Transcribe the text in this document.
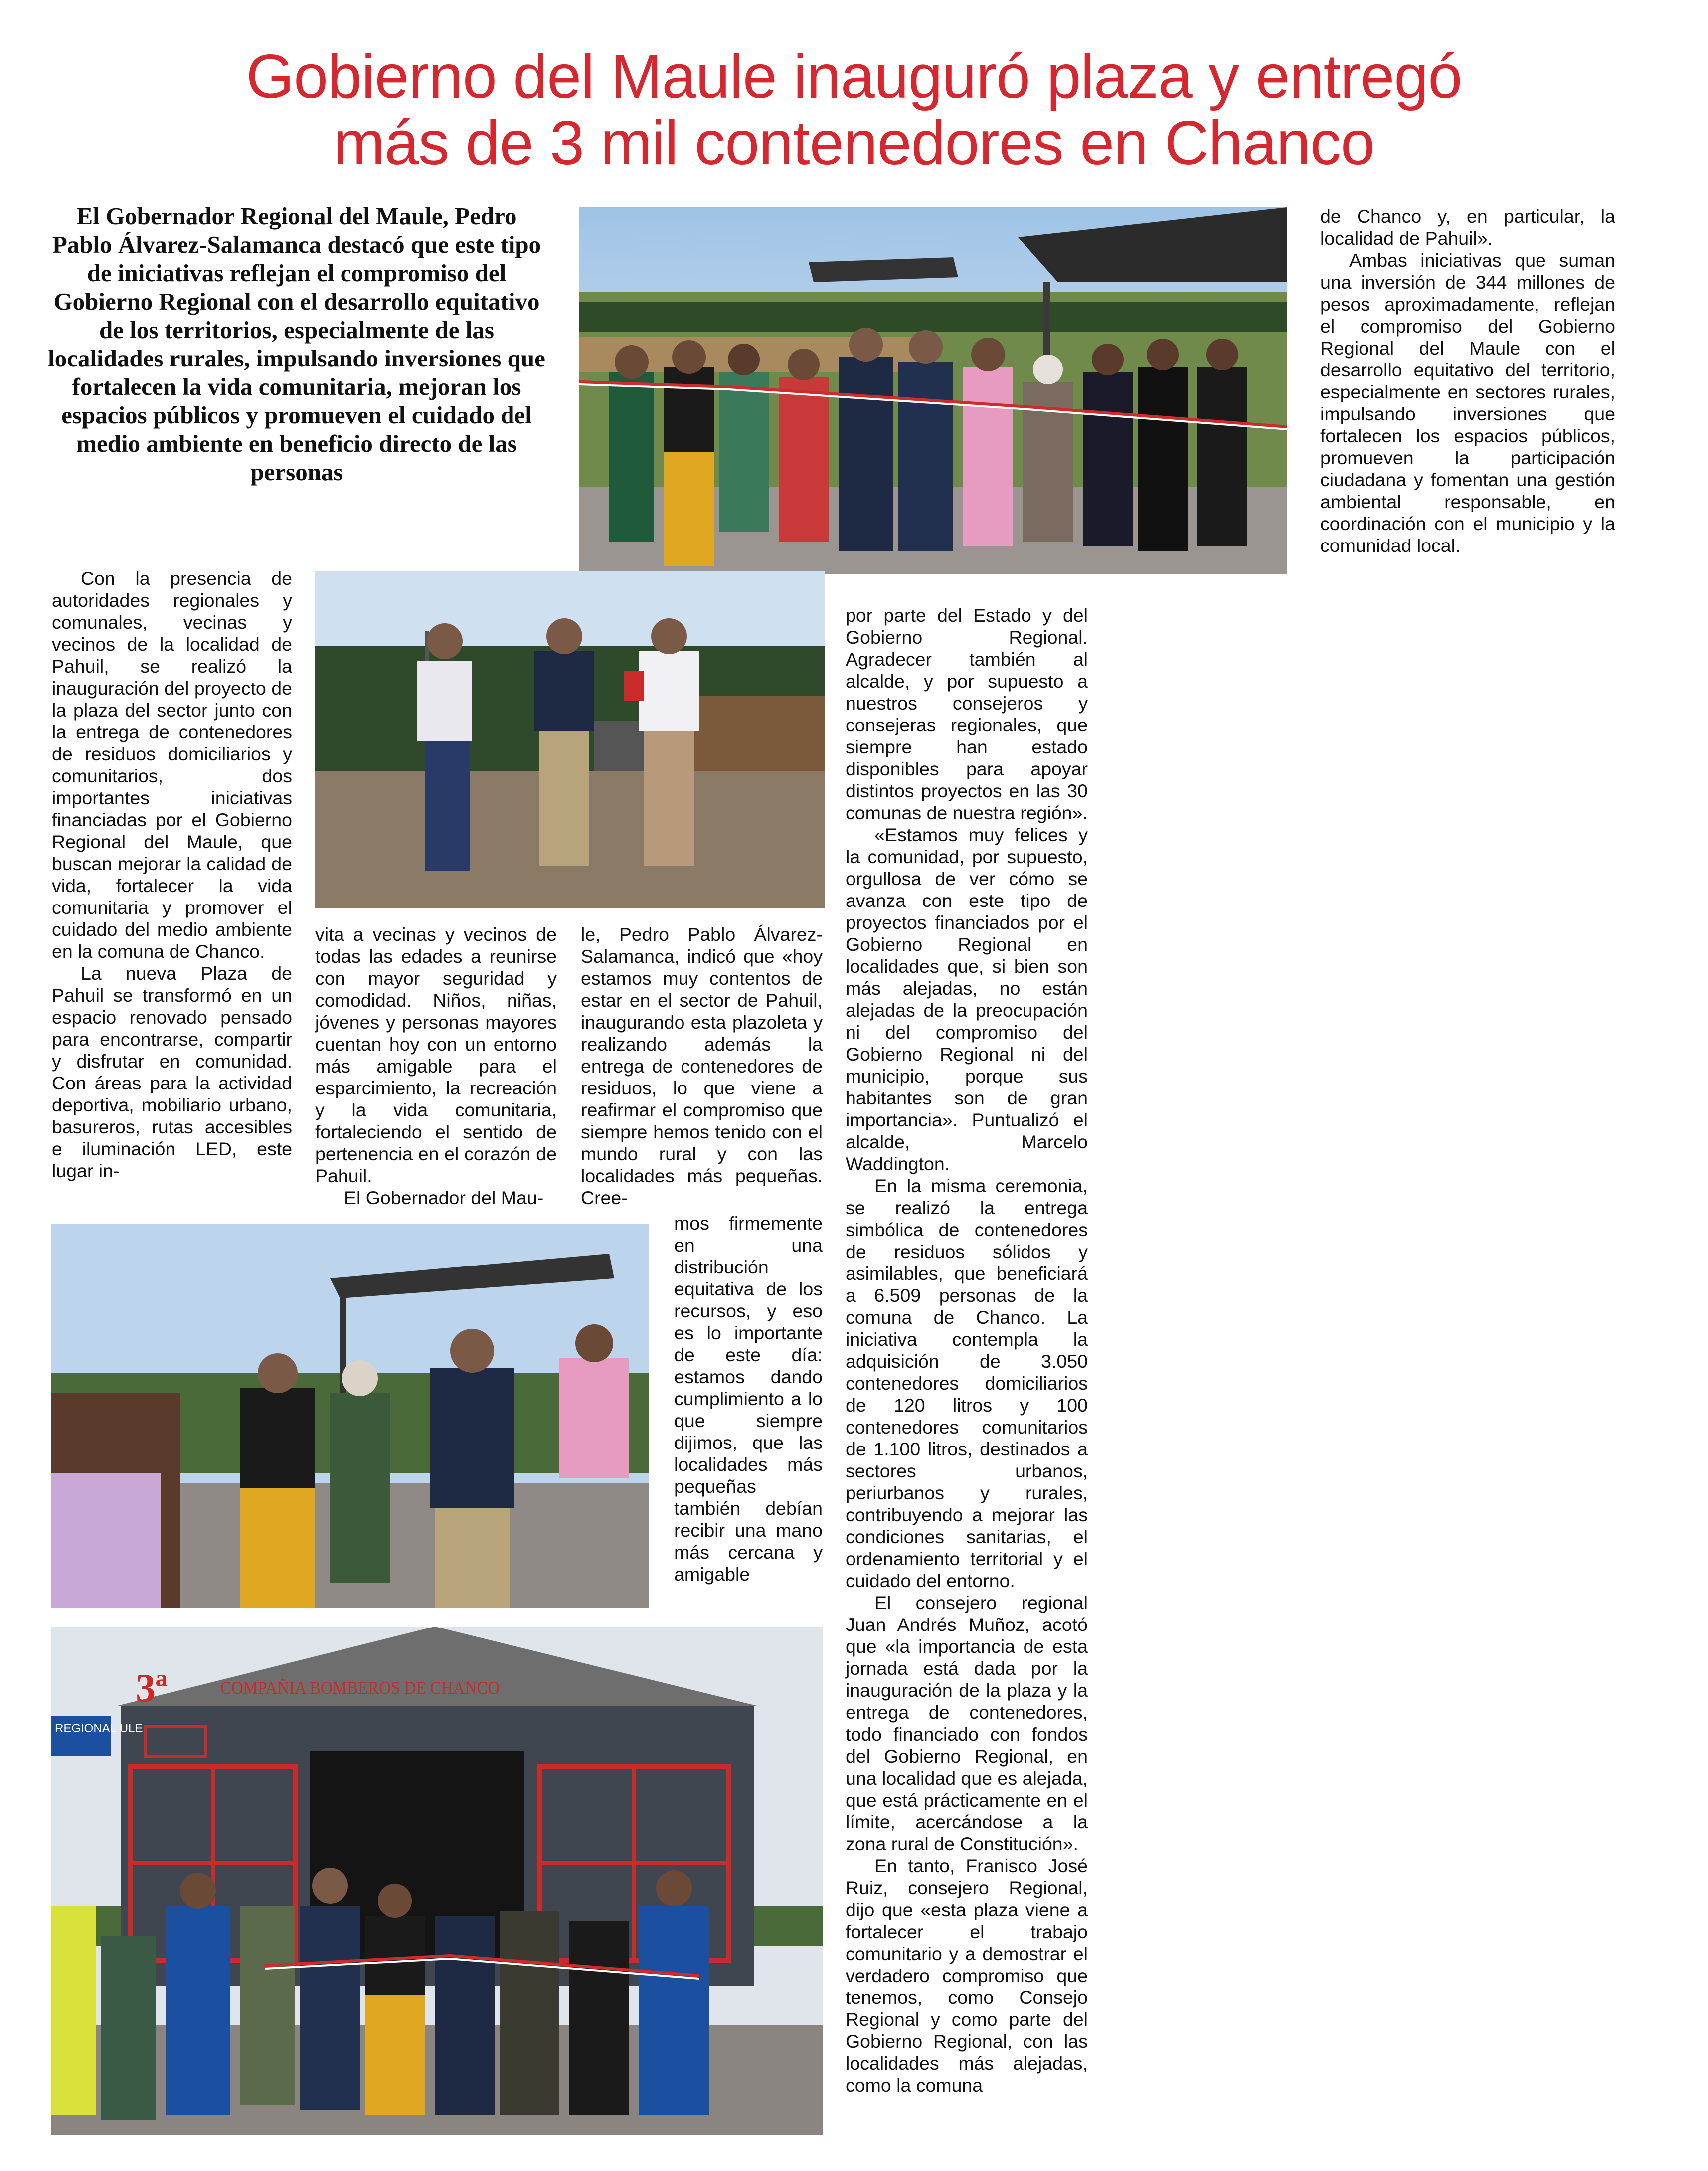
Gobierno del Maule inauguró plaza y entregó
más de 3 mil contenedores en Chanco
El Gobernador Regional del Maule, Pedro Pablo Álvarez-Salamanca destacó que este tipo de iniciativas reflejan el compromiso del Gobierno Regional con el desarrollo equitativo de los territorios, especialmente de las localidades rurales, impulsando inversiones que fortalecen la vida comunitaria, mejoran los espacios públicos y promueven el cuidado del medio ambiente en beneficio directo de las personas
REGIONAL ULE
3ª	COMPAÑIA BOMBEROS DE CHANCO

Con la presencia de autoridades regionales y comunales, vecinas y vecinos de la localidad de Pahuil, se realizó la inauguración del proyecto de la plaza del sector junto con la entrega de contenedores de residuos domiciliarios y comunitarios, dos importantes iniciativas financiadas por el Gobierno Regional del Maule, que buscan mejorar la calidad de vida, fortalecer la vida comunitaria y promover el cuidado del medio ambiente en la comuna de Chanco.

La nueva Plaza de Pahuil se transformó en un espacio renovado pensado para encontrarse, compartir y disfrutar en comunidad. Con áreas para la actividad deportiva, mobiliario urbano, basureros, rutas accesibles e iluminación LED, este lugar in-

vita a vecinas y vecinos de todas las edades a reunirse con mayor seguridad y comodidad. Niños, niñas, jóvenes y personas mayores cuentan hoy con un entorno más amigable para el esparcimiento, la recreación y la vida comunitaria, fortaleciendo el sentido de pertenencia en el corazón de Pahuil.

El Gobernador del Mau-

le, Pedro Pablo Álvarez-Salamanca, indicó que «hoy estamos muy contentos de estar en el sector de Pahuil, inaugurando esta plazoleta y realizando además la entrega de contenedores de residuos, lo que viene a reafirmar el compromiso que siempre hemos tenido con el mundo rural y con las localidades más pequeñas. Cree-

mos firmemente en una distribución equitativa de los recursos, y eso es lo importante de este día: estamos dando cumplimiento a lo que siempre dijimos, que las localidades más pequeñas también debían recibir una mano más cercana y amigable

por parte del Estado y del Gobierno Regional. Agradecer también al alcalde, y por supuesto a nuestros consejeros y consejeras regionales, que siempre han estado disponibles para apoyar distintos proyectos en las 30 comunas de nuestra región».

«Estamos muy felices y la comunidad, por supuesto, orgullosa de ver cómo se avanza con este tipo de proyectos financiados por el Gobierno Regional en localidades que, si bien son más alejadas, no están alejadas de la preocupación ni del compromiso del Gobierno Regional ni del municipio, porque sus habitantes son de gran importancia». Puntualizó el alcalde, Marcelo Waddington.

En la misma ceremonia, se realizó la entrega simbólica de contenedores de residuos sólidos y asimilables, que beneficiará a 6.509 personas de la comuna de Chanco. La iniciativa contempla la adquisición de 3.050 contenedores domiciliarios de 120 litros y 100 contenedores comunitarios de 1.100 litros, destinados a sectores urbanos, periurbanos y rurales, contribuyendo a mejorar las condiciones sanitarias, el ordenamiento territorial y el cuidado del entorno.

El consejero regional Juan Andrés Muñoz, acotó que «la importancia de esta jornada está dada por la inauguración de la plaza y la entrega de contenedores, todo financiado con fondos del Gobierno Regional, en una localidad que es alejada, que está prácticamente en el límite, acercándose a la zona rural de Constitución».

En tanto, Franisco José Ruiz, consejero Regional, dijo que «esta plaza viene a fortalecer el trabajo comunitario y a demostrar el verdadero compromiso que tenemos, como Consejo Regional y como parte del Gobierno Regional, con las localidades más alejadas, como la comuna

de Chanco y, en particular, la localidad de Pahuil».

Ambas iniciativas que suman una inversión de 344 millones de pesos aproximadamente, reflejan el compromiso del Gobierno Regional del Maule con el desarrollo equitativo del territorio, especialmente en sectores rurales, impulsando inversiones que fortalecen los espacios públicos, promueven la participación ciudadana y fomentan una gestión ambiental responsable, en coordinación con el municipio y la comunidad local.
